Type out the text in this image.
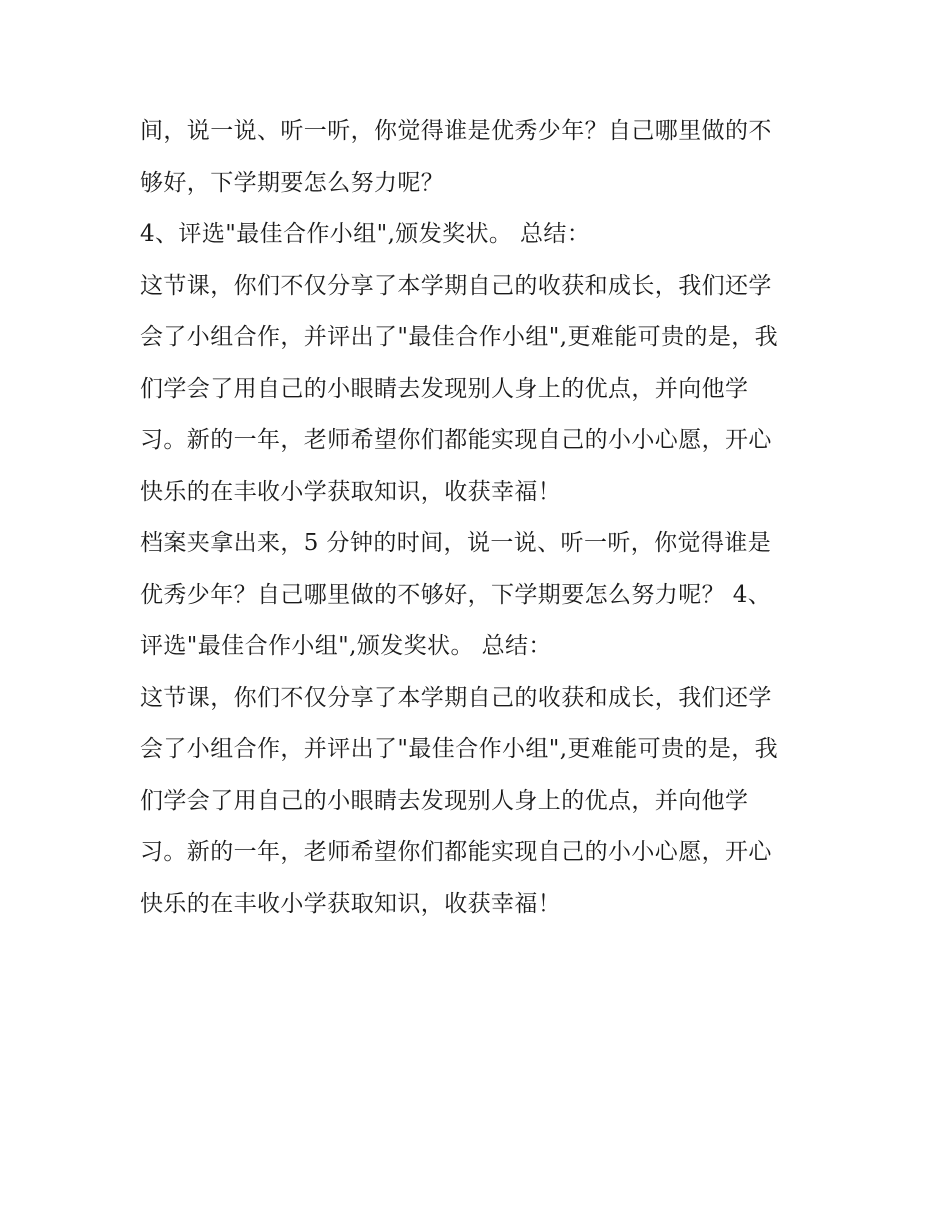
间，说一说、听一听，你觉得谁是优秀少年？自己哪里做的不
够好，下学期要怎么努力呢？
4、评选"最佳合作小组",颁发奖状。 总结：
这节课，你们不仅分享了本学期自己的收获和成长，我们还学
会了小组合作，并评出了"最佳合作小组",更难能可贵的是，我
们学会了用自己的小眼睛去发现别人身上的优点，并向他学
习。新的一年，老师希望你们都能实现自己的小小心愿，开心
快乐的在丰收小学获取知识，收获幸福！
档案夹拿出来，5 分钟的时间，说一说、听一听，你觉得谁是
优秀少年？自己哪里做的不够好，下学期要怎么努力呢？ 4、
评选"最佳合作小组",颁发奖状。 总结：
这节课，你们不仅分享了本学期自己的收获和成长，我们还学
会了小组合作，并评出了"最佳合作小组",更难能可贵的是，我
们学会了用自己的小眼睛去发现别人身上的优点，并向他学
习。新的一年，老师希望你们都能实现自己的小小心愿，开心
快乐的在丰收小学获取知识，收获幸福！
